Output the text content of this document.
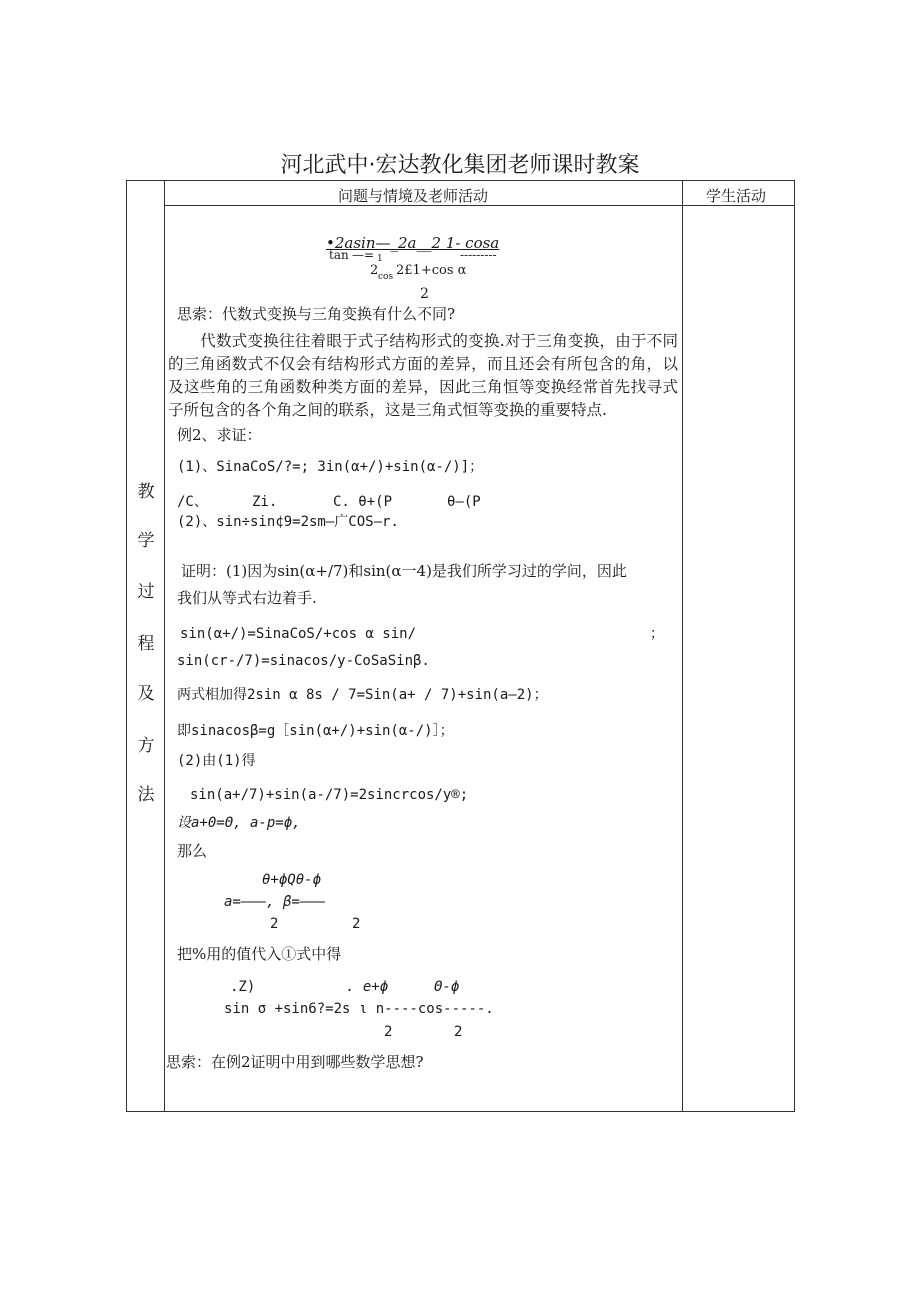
河北武中·宏达教化集团老师课时教案
问题与情境及老师活动	学生活动
教
学
过
程
及
方
法
•2asin—_2a__2 1- cosa
tan —= 1	---------
2 cos 2£1+cos α
2
思索：代数式变换与三角变换有什么不同?
代数式变换往往着眼于式子结构形式的变换.对于三角变换，由于不同的三角函数式不仅会有结构形式方面的差异，而且还会有所包含的角，以及这些角的三角函数种类方面的差异，因此三角恒等变换经常首先找寻式子所包含的各个角之间的联系，这是三角式恒等变换的重要特点.
例2、求证：
(1)、SinaCoS/?=; 3in(α+/)+sin(α-/)]；
/C、	Zi.	C. θ+(P	θ—(P
(2)、sin÷sin¢9=2sm—广COS—r.
证明：(1)因为sin(α+/7)和sin(α一4)是我们所学习过的学问，因此
我们从等式右边着手.
sin(α+/)=SinaCoS/+cos α sin/	；
sin(cr-/7)=sinacos/y-CoSaSinβ.
两式相加得2sin α 8s / 7=Sin(a+ / 7)+sin(a—2)；
即sinacosβ=g［sin(α+/)+sin(α-/)］；
(2)由(1)得
sin(a+/7)+sin(a-/7)=2sincrcos/y®;
设a+0=Θ, a-p=ϕ,
那么
θ+ϕQθ-ϕ
a=———, β=———
2	2
把%用的值代入①式中得
.Z)	. e+ϕ	Θ-ϕ
sin σ +sin6?=2s ι n----cos-----.
2	2
思索：在例2证明中用到哪些数学思想?
